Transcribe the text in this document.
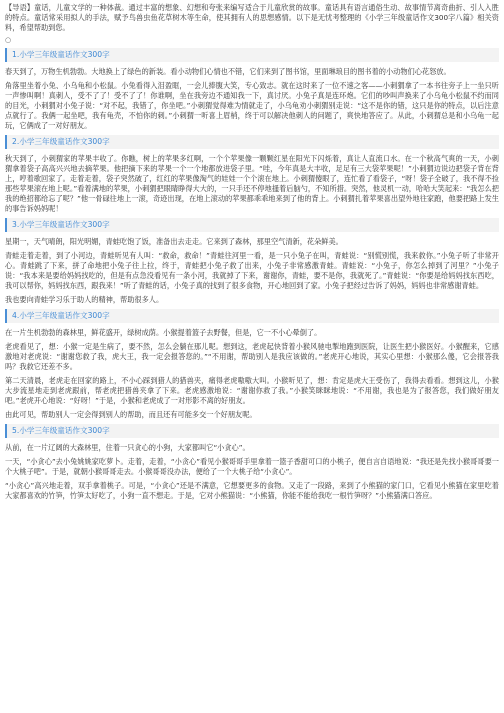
【导语】童话，儿童文学的一种体裁。通过丰富的想象、幻想和夸张来编写适合于儿童欣赏的故事。童话具有语言通俗生动、故事情节离奇曲折、引人入胜的特点。童话常采用拟人的手法，赋予鸟兽虫鱼花草树木等生命，使其拥有人的思想感情。以下是无忧考整理的《小学三年级童话作文300字八篇》相关资料，希望帮助到您。

○
1.小学三年级童话作文300字

春天到了，万物生机勃勃。大地换上了绿色的新装。看小动物们心情也不错，它们来到了图书馆，里面琳琅目的图书着的小动物们心花怒放。

角落里坐着小兔、小乌龟和小松鼠。小兔看得入泪盈眶，一会儿捧腹大笑，专心致志。就在这时来了一位不速之客——小刺猬拿了一本书往旁子上一坐只听一声惨叫啊！真刺人，受不了了！受不了了！你谁啊，坐在我旁边不通知我一下，真讨厌。小兔子真是连环炮。它们的吵叫声换来了小乌龟小松鼠不约而同的目光，小刺猬对小兔子说：“对不起，我错了，你坐吧。”小刺猬觉得难为情就走了，小乌龟劝小刺猬别走说：“这不是你的错，这只是你的特点，以后注意点就行了。我俩一起坐吧，我有龟壳，不怕你的刺。”小刺猬一听喜上眉梢，终于可以解决他刺人的问题了，爽快地答应了。从此，小刺猬总是和小乌龟一起玩，它俩成了一对好朋友。

2.小学三年级童话作文300字

秋天到了，小刺猬家的苹果丰收了。你瞧，树上的苹果多红啊，一个个苹果像一颗颗红星在阳光下闪烁着，真让人直流口水。在一个秋高气爽的一天，小刺猬拿着袋子高高兴兴地去摘苹果。他把摘下来的苹果一个一个地都放进袋子里。“哇，今年真是大丰收，足足有三大袋苹果呢！”小刺猬边说边把袋子背在背上，哼着歌回家了。走着走着，袋子突然破了，红红的苹果像淘气的娃娃一个个滚在地上。小刺猬傻眼了，连忙看了看袋子，“呀！袋子全破了，我不得不捡那些苹果滚在地上呢。”看着满地的苹果，小刺猬把眼睛睁得大大的，一只手还不停地搔着后脑勺，不知所措。突然，他灵机一动，哈哈大笑起来：“我怎么把我的绝招都给忘了呢？”他一骨碌往地上一滚，奇迹出现，在地上滚动的苹果都乖乖地来到了他的背上。小刺猬扎着苹果喜出望外地往家跑，他要把路上发生的事告诉妈妈呢！

3.小学三年级童话作文300字

星期一，天气晴朗，阳光明媚，青蛙吃饱了饭，准备出去走走。它来到了森林，那里空气清新，花朵鲜美。

青蛙走着走着，到了小河边，青蛙听见有人叫：“救命，救命！”青蛙往河里一看，是一只小兔子在叫，青蛙说：“别慌别慌，我来救你。”小兔子听了非常开心。青蛙跳了下来，拼了命地把小兔子往上拉，终于，青蛙把小兔子救了出来，小兔子非常感激青蛙。青蛙说：“小兔子，你怎么掉到了河里？”小兔子说：“我本来是要给妈妈找吃的，但是有点急没看见有一条小河，我就掉了下来，谢谢你，青蛙，要不是你，我就死了。”青蛙说：“你要是给妈妈找东西吃，我可以帮你，妈妈找东西，跟我来！”听了青蛙的话，小兔子真的找到了很多食物，开心地回到了家。小兔子把经过告诉了妈妈，妈妈也非常感谢青蛙。

我也要向青蛙学习乐于助人的精神，帮助很多人。

4.小学三年级童话作文300字

在一片生机勃勃的森林里，鲜花盛开，绿树成荫。小猴提着篮子去野餐，但是，它一不小心晕倒了。

老虎看见了，想：小猴一定是生病了，要不然，怎么会躺在那儿呢。想到这，老虎起快背着小猴风驰电掣地跑到医院，让医生把小猴医好。小猴醒来，它感激地对老虎说：“谢谢您救了我，虎大王，我一定会报答您的。”“不用谢，帮助别人是我应该做的。”老虎开心地说，其实心里想：小猴那么傻，它会报答我吗？我救它还差不多。

第二天清晨，老虎走在回家的路上，不小心踩到猎人的猎兽夹，痛得老虎嗷嗷大叫。小猴听见了，想：肯定是虎大王受伤了，我得去看看。想到这儿，小猴大步流星地走到老虎跟前，帮老虎把猎兽夹拿了下来。老虎感激地说：“谢谢你救了我。”小猴笑眯眯地说：“不用谢，我也是为了报答您，我们做好朋友吧。”老虎开心地说：“好呀！”于是，小猴和老虎成了一对形影不离的好朋友。

由此可见，帮助别人一定会得到别人的帮助，而且还有可能多交一个好朋友呢。

5.小学三年级童话作文300字

从前，在一片辽阔的大森林里，住着一只贪心的小狗，大家都叫它“小贪心”。

一天，“小贪心”去小兔姚姚家吃萝卜。走着，走着，“小贪心”看见小猴哥哥手里拿着一篮子香甜可口的小桃子，便自言自语地说：“我还是先找小猴哥哥要一个大桃子吧”。于是，就朝小猴哥哥走去。小猴哥哥没办法，便给了一个大桃子给“小贪心”。

“小贪心”高兴地走着，双手拿着桃子。可是，“小贪心”还是不满意，它想要更多的食物。又走了一段路，来到了小熊猫的家门口，它看见小熊猫在家里吃着大家都喜欢的竹笋，竹笋太好吃了，小狗一直不想走。于是，它对小熊猫说：“小熊猫，你能不能给我吃一根竹笋呀？”小熊猫满口答应。
